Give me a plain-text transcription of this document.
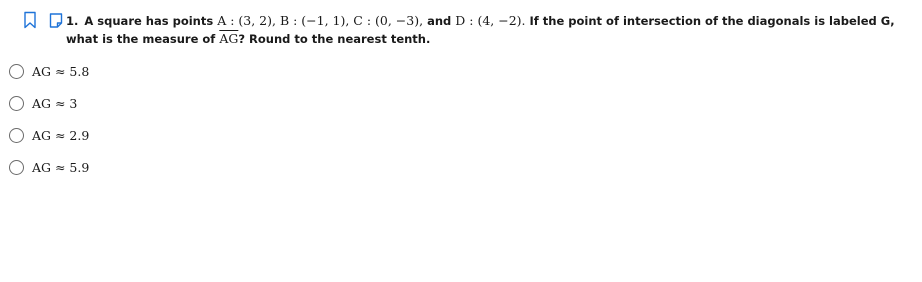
1. A square has points A : (3, 2), B : (−1, 1), C : (0, −3), and D : (4, −2). If the point of intersection of the diagonals is labeled G, what is the measure of $\overline{AG}$? Round to the nearest tenth.
AG ≈ 5.8
AG ≈ 3
AG ≈ 2.9
AG ≈ 5.9
